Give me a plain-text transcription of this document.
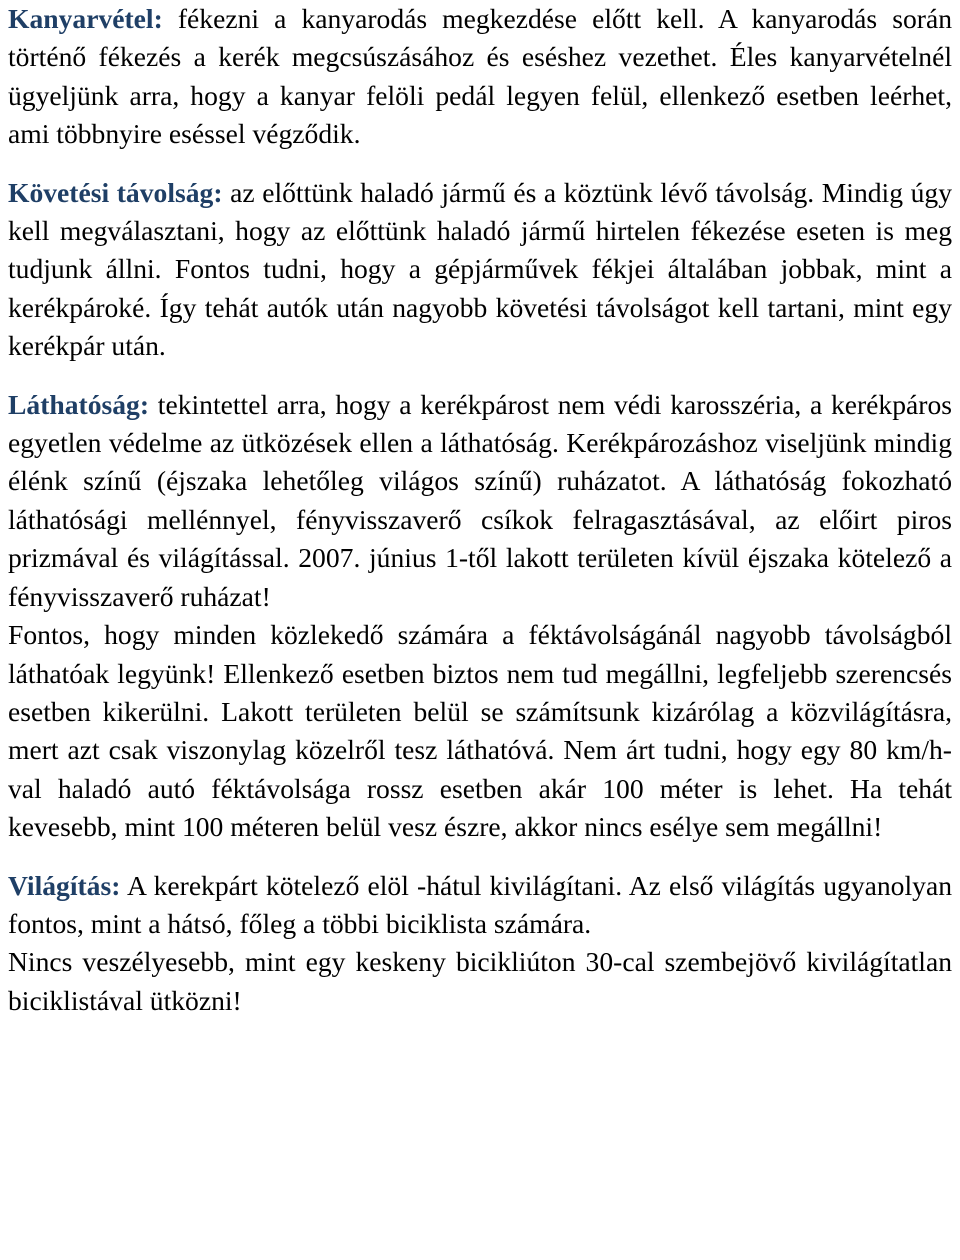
Kanyarvétel: fékezni a kanyarodás megkezdése előtt kell. A kanyarodás során történő fékezés a kerék megcsúszásához és eséshez vezethet. Éles kanyarvételnél ügyeljünk arra, hogy a kanyar felöli pedál legyen felül, ellenkező esetben leérhet, ami többnyire eséssel végződik.

Követési távolság: az előttünk haladó jármű és a köztünk lévő távolság. Mindig úgy kell megválasztani, hogy az előttünk haladó jármű hirtelen fékezése eseten is meg tudjunk állni. Fontos tudni, hogy a gépjárművek fékjei általában jobbak, mint a kerékpároké. Így tehát autók után nagyobb követési távolságot kell tartani, mint egy kerékpár után.

Láthatóság: tekintettel arra, hogy a kerékpárost nem védi karosszéria, a kerékpáros egyetlen védelme az ütközések ellen a láthatóság. Kerékpározáshoz viseljünk mindig élénk színű (éjszaka lehetőleg világos színű) ruházatot. A láthatóság fokozható láthatósági mellénnyel, fényvisszaverő csíkok felragasztásával, az előirt piros prizmával és világítással. 2007. június 1-től lakott területen kívül éjszaka kötelező a fényvisszaverő ruházat!

Fontos, hogy minden közlekedő számára a féktávolságánál nagyobb távolságból láthatóak legyünk! Ellenkező esetben biztos nem tud megállni, legfeljebb szerencsés esetben kikerülni. Lakott területen belül se számítsunk kizárólag a közvilágításra, mert azt csak viszonylag közelről tesz láthatóvá. Nem árt tudni, hogy egy 80 km/h-val haladó autó féktávolsága rossz esetben akár 100 méter is lehet. Ha tehát kevesebb, mint 100 méteren belül vesz észre, akkor nincs esélye sem megállni!

Világítás: A kerekpárt kötelező elöl -hátul kivilágítani. Az első világítás ugyanolyan fontos, mint a hátsó, főleg a többi biciklista számára.

Nincs veszélyesebb, mint egy keskeny bicikliúton 30-cal szembejövő kivilágítatlan biciklistával ütközni!
